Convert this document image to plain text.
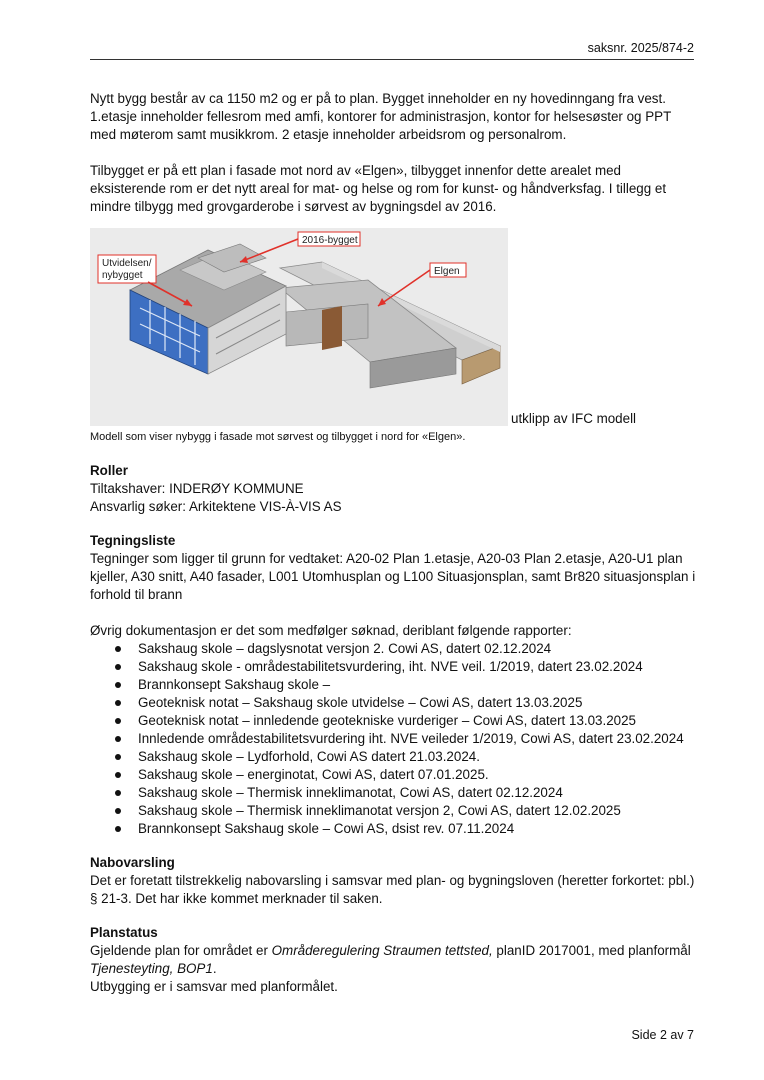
saksnr. 2025/874-2

Nytt bygg består av ca 1150 m2 og er på to plan. Bygget inneholder en ny hovedinngang fra vest. 1.etasje inneholder fellesrom med amfi, kontorer for administrasjon, kontor for helsesøster og PPT med møterom samt musikkrom. 2 etasje inneholder arbeidsrom og personalrom.

Tilbygget er på ett plan i fasade mot nord av «Elgen», tilbygget innenfor dette arealet med eksisterende rom er det nytt areal for mat- og helse og rom for kunst- og håndverksfag. I tillegg et mindre tilbygg med grovgarderobe i sørvest av bygningsdel av 2016.

Utvidelsen/
nybygget
2016-bygget
Elgen
utklipp av IFC modell

Modell som viser nybygg i fasade mot sørvest og tilbygget i nord for «Elgen».

Roller

Tiltakshaver: INDERØY KOMMUNE

Ansvarlig søker: Arkitektene VIS-À-VIS AS

Tegningsliste

Tegninger som ligger til grunn for vedtaket: A20-02 Plan 1.etasje, A20-03 Plan 2.etasje, A20-U1 plan kjeller, A30 snitt, A40 fasader, L001 Utomhusplan og L100 Situasjonsplan, samt Br820 situasjonsplan i forhold til brann

Øvrig dokumentasjon er det som medfølger søknad, deriblant følgende rapporter:

Sakshaug skole – dagslysnotat versjon 2. Cowi AS, datert 02.12.2024
Sakshaug skole - områdestabilitetsvurdering, iht. NVE veil. 1/2019, datert 23.02.2024
Brannkonsept Sakshaug skole –
Geoteknisk notat – Sakshaug skole utvidelse – Cowi AS, datert 13.03.2025
Geoteknisk notat – innledende geotekniske vurderiger – Cowi AS, datert 13.03.2025
Innledende områdestabilitetsvurdering iht. NVE veileder 1/2019, Cowi AS, datert 23.02.2024
Sakshaug skole – Lydforhold, Cowi AS datert 21.03.2024.
Sakshaug skole – energinotat, Cowi AS, datert 07.01.2025.
Sakshaug skole – Thermisk inneklimanotat, Cowi AS, datert 02.12.2024
Sakshaug skole – Thermisk inneklimanotat versjon 2, Cowi AS, datert 12.02.2025
Brannkonsept Sakshaug skole – Cowi AS, dsist rev. 07.11.2024

Nabovarsling

Det er foretatt tilstrekkelig nabovarsling i samsvar med plan- og bygningsloven (heretter forkortet: pbl.) § 21-3. Det har ikke kommet merknader til saken.

Planstatus

Gjeldende plan for området er Områderegulering Straumen tettsted, planID 2017001, med planformål

Tjenesteyting, BOP1.

Utbygging er i samsvar med planformålet.

Side 2 av 7
